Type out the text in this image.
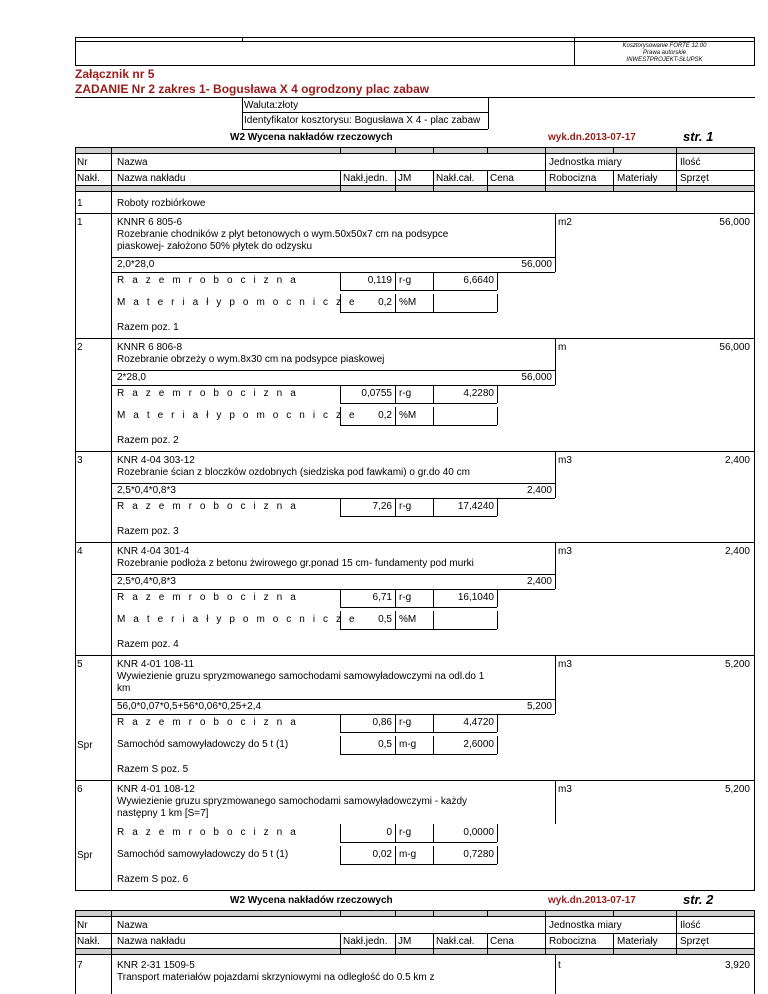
Kosztorysowanie FORTE 12.00
Prawa autorskie
INWESTPROJEKT-SŁUPSK
Załącznik nr 5
ZADANIE Nr 2 zakres 1- Bogusława X 4 ogrodzony plac zabaw
Waluta:złoty
Identyfikator kosztorysu: Bogusława X 4 - plac zabaw
W2 Wycena nakładów rzeczowych	wyk.dn.2013-07-17	str. 1
Nr	Nazwa	Jednostka miary	Ilość
Nakł. Nazwa nakładu	Nakł.jedn. JM Nakł.cał. Cena	Robocizna Materiały Sprzęt
1	Roboty rozbiórkowe
1	KNNR 6 805-6
Rozebranie chodników z płyt betonowych o wym.50x50x7 cm na podsypce
piaskowej- założono 50% płytek do odzysku
m2	56,000
2,0*28,0	56,000
R a z e m r o b o c i z n a	0,119 r-g	6,6640
M a t e r i a ł y p o m o c n i c z e	0,2 %M
Razem poz. 1
2	KNNR 6 806-8
Rozebranie obrzeży o wym.8x30 cm na podsypce piaskowej
m	56,000
2*28,0	56,000
R a z e m r o b o c i z n a	0,0755 r-g	4,2280
M a t e r i a ł y p o m o c n i c z e	0,2 %M
Razem poz. 2
3	KNR 4-04 303-12
Rozebranie ścian z bloczków ozdobnych (siedziska pod fawkami) o gr.do 40 cm
m3	2,400
2,5*0,4*0,8*3	2,400
R a z e m r o b o c i z n a	7,26 r-g	17,4240
Razem poz. 3
4	KNR 4-04 301-4
Rozebranie podłoża z betonu żwirowego gr.ponad 15 cm- fundamenty pod murki
m3	2,400
2,5*0,4*0,8*3	2,400
R a z e m r o b o c i z n a	6,71 r-g	16,1040
M a t e r i a ł y p o m o c n i c z e	0,5 %M
Razem poz. 4
5	KNR 4-01 108-11
Wywiezienie gruzu spryzmowanego samochodami samowyładowczymi na odl.do 1
km
m3	5,200
56,0*0,07*0,5+56*0,06*0,25+2,4	5,200
R a z e m r o b o c i z n a	0,86 r-g	4,4720
Spr Samochód samowyładowczy do 5 t (1)	0,5 m-g	2,6000
Razem S poz. 5
6	KNR 4-01 108-12
Wywiezienie gruzu spryzmowanego samochodami samowyładowczymi - każdy
następny 1 km [S=7]
m3	5,200
R a z e m r o b o c i z n a	0 r-g	0,0000
Spr Samochód samowyładowczy do 5 t (1)	0,02 m-g	0,7280
Razem S poz. 6
W2 Wycena nakładów rzeczowych	wyk.dn.2013-07-17	str. 2
Nr	Nazwa	Jednostka miary	Ilość
Nakł. Nazwa nakładu	Nakł.jedn. JM Nakł.cał. Cena	Robocizna Materiały Sprzęt
7	KNR 2-31 1509-5
Transport materiałów pojazdami skrzyniowymi na odległość do 0.5 km z
t	3,920
